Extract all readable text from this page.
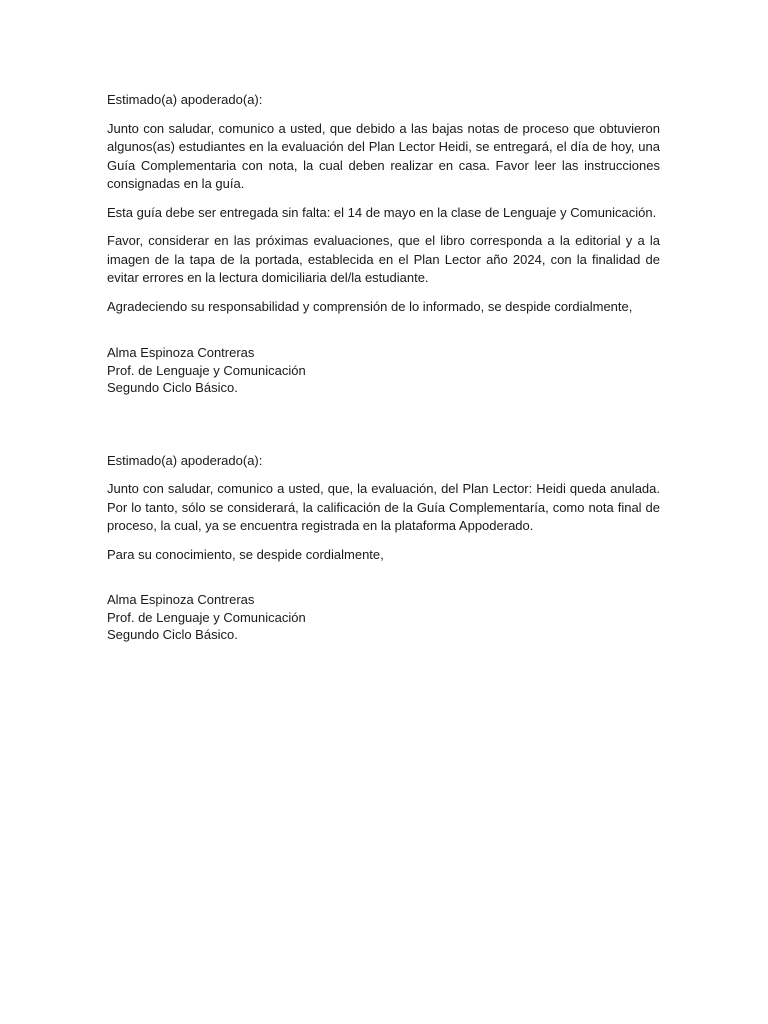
Estimado(a) apoderado(a):

Junto con saludar, comunico a usted, que debido a las bajas notas de proceso que obtuvieron algunos(as) estudiantes en la evaluación del Plan Lector Heidi, se entregará, el día de hoy, una Guía Complementaria con nota, la cual deben realizar en casa. Favor leer las instrucciones consignadas en la guía.

Esta guía debe ser entregada sin falta: el 14 de mayo en la clase de Lenguaje y Comunicación.

Favor, considerar en las próximas evaluaciones, que el libro corresponda a la editorial y a la imagen de la tapa de la portada, establecida en el Plan Lector año 2024, con la finalidad de evitar errores en la lectura domiciliaria del/la estudiante.

Agradeciendo su responsabilidad y comprensión de lo informado, se despide cordialmente,

Alma Espinoza Contreras
Prof. de Lenguaje y Comunicación
Segundo Ciclo Básico.

Estimado(a) apoderado(a):

Junto con saludar, comunico a usted, que, la evaluación, del Plan Lector: Heidi queda anulada. Por lo tanto, sólo se considerará, la calificación de la Guía Complementaría, como nota final de proceso, la cual, ya se encuentra registrada en la plataforma Appoderado.

Para su conocimiento, se despide cordialmente,

Alma Espinoza Contreras
Prof. de Lenguaje y Comunicación
Segundo Ciclo Básico.
